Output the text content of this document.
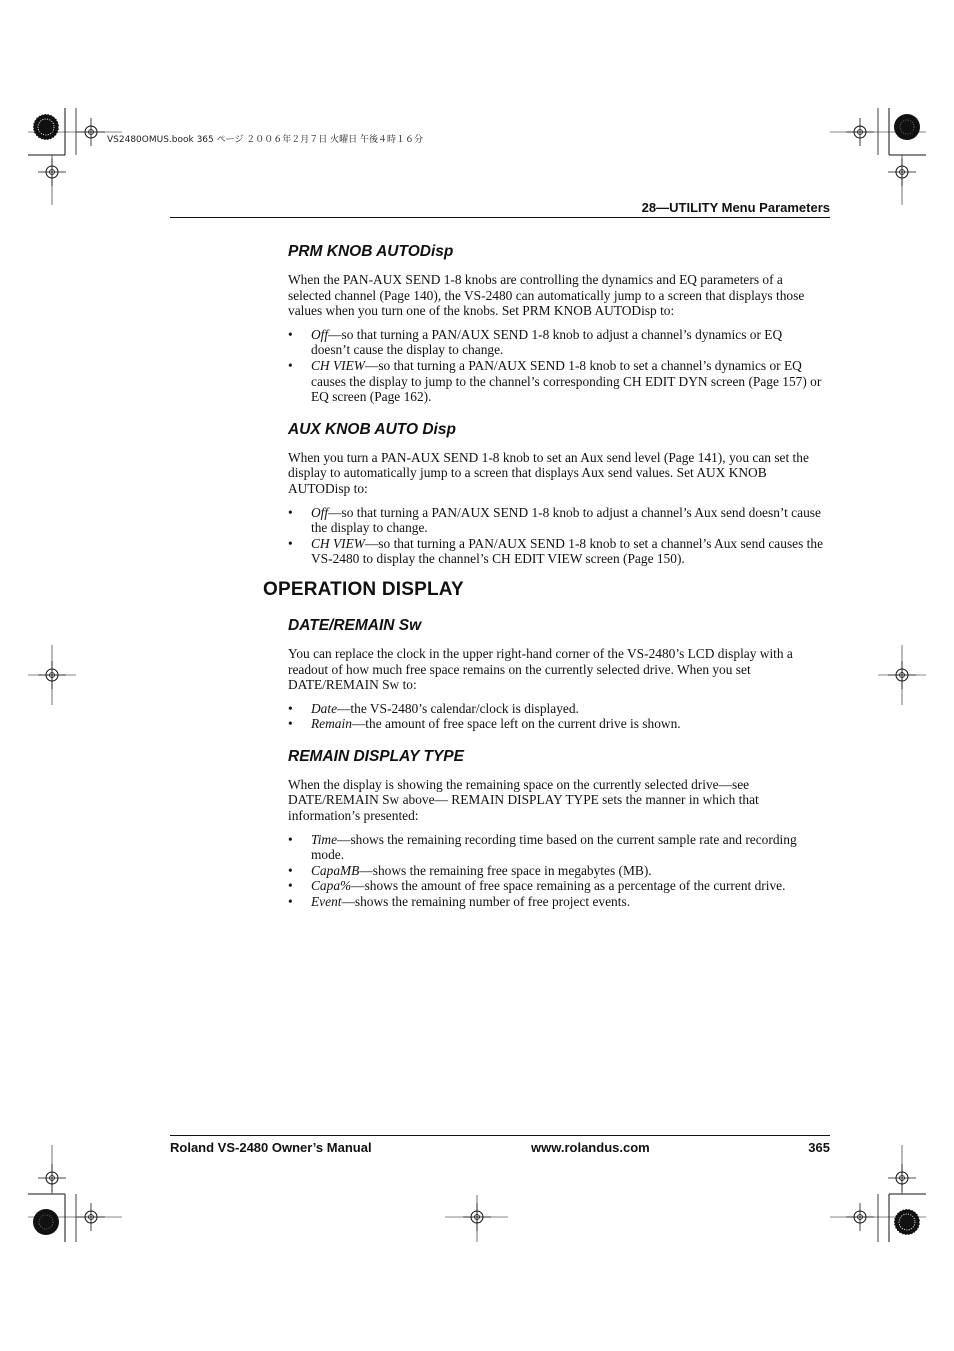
VS2480OMUS.book 365 ページ ２００６年２月７日 火曜日 午後４時１６分
28—UTILITY Menu Parameters
PRM KNOB AUTODisp
When the PAN-AUX SEND 1-8 knobs are controlling the dynamics and EQ parameters of a selected channel (Page 140), the VS-2480 can automatically jump to a screen that displays those values when you turn one of the knobs. Set PRM KNOB AUTODisp to:
• Off—so that turning a PAN/AUX SEND 1-8 knob to adjust a channel’s dynamics or EQ doesn’t cause the display to change.
• CH VIEW—so that turning a PAN/AUX SEND 1-8 knob to set a channel’s dynamics or EQ causes the display to jump to the channel’s corresponding CH EDIT DYN screen (Page 157) or EQ screen (Page 162).
AUX KNOB AUTO Disp
When you turn a PAN-AUX SEND 1-8 knob to set an Aux send level (Page 141), you can set the display to automatically jump to a screen that displays Aux send values. Set AUX KNOB AUTODisp to:
• Off—so that turning a PAN/AUX SEND 1-8 knob to adjust a channel’s Aux send doesn’t cause the display to change.
• CH VIEW—so that turning a PAN/AUX SEND 1-8 knob to set a channel’s Aux send causes the VS-2480 to display the channel’s CH EDIT VIEW screen (Page 150).
OPERATION DISPLAY
DATE/REMAIN Sw
You can replace the clock in the upper right-hand corner of the VS-2480’s LCD display with a readout of how much free space remains on the currently selected drive. When you set DATE/REMAIN Sw to:
• Date—the VS-2480’s calendar/clock is displayed.
• Remain—the amount of free space left on the current drive is shown.
REMAIN DISPLAY TYPE
When the display is showing the remaining space on the currently selected drive—see DATE/REMAIN Sw above— REMAIN DISPLAY TYPE sets the manner in which that information’s presented:
• Time—shows the remaining recording time based on the current sample rate and recording mode.
• CapaMB—shows the remaining free space in megabytes (MB).
• Capa%—shows the amount of free space remaining as a percentage of the current drive.
• Event—shows the remaining number of free project events.
Roland VS-2480 Owner’s Manual	www.rolandus.com	365
